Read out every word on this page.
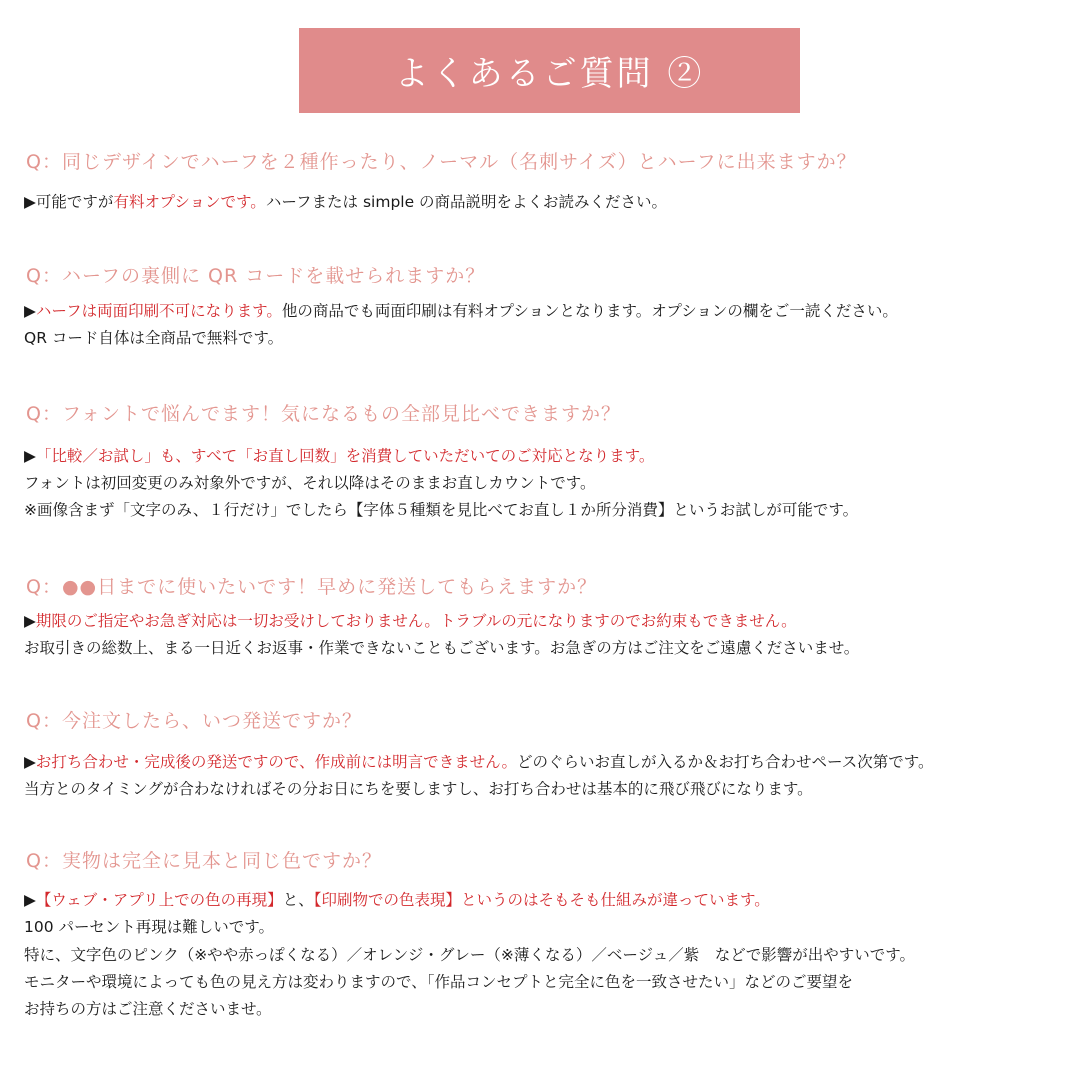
よくあるご質問 ②
Q：同じデザインでハーフを２種作ったり、ノーマル（名刺サイズ）とハーフに出来ますか？
▶可能ですが有料オプションです。ハーフまたは simple の商品説明をよくお読みください。
Q：ハーフの裏側に QR コードを載せられますか？
▶ハーフは両面印刷不可になります。他の商品でも両面印刷は有料オプションとなります。オプションの欄をご一読ください。
QR コード自体は全商品で無料です。
Q：フォントで悩んでます！気になるもの全部見比べできますか？
▶「比較／お試し」も、すべて「お直し回数」を消費していただいてのご対応となります。
フォントは初回変更のみ対象外ですが、それ以降はそのままお直しカウントです。
※画像含まず「文字のみ、１行だけ」でしたら【字体５種類を見比べてお直し１か所分消費】というお試しが可能です。
Q：●●日までに使いたいです！早めに発送してもらえますか？
▶期限のご指定やお急ぎ対応は一切お受けしておりません。トラブルの元になりますのでお約束もできません。
お取引きの総数上、まる一日近くお返事・作業できないこともございます。お急ぎの方はご注文をご遠慮くださいませ。
Q：今注文したら、いつ発送ですか？
▶お打ち合わせ・完成後の発送ですので、作成前には明言できません。どのぐらいお直しが入るか＆お打ち合わせペース次第です。
当方とのタイミングが合わなければその分お日にちを要しますし、お打ち合わせは基本的に飛び飛びになります。
Q：実物は完全に見本と同じ色ですか？
▶【ウェブ・アプリ上での色の再現】と、【印刷物での色表現】というのはそもそも仕組みが違っています。
100 パーセント再現は難しいです。
特に、文字色のピンク（※やや赤っぽくなる）／オレンジ・グレー（※薄くなる）／ベージュ／紫　などで影響が出やすいです。
モニターや環境によっても色の見え方は変わりますので、「作品コンセプトと完全に色を一致させたい」などのご要望を
お持ちの方はご注意くださいませ。
